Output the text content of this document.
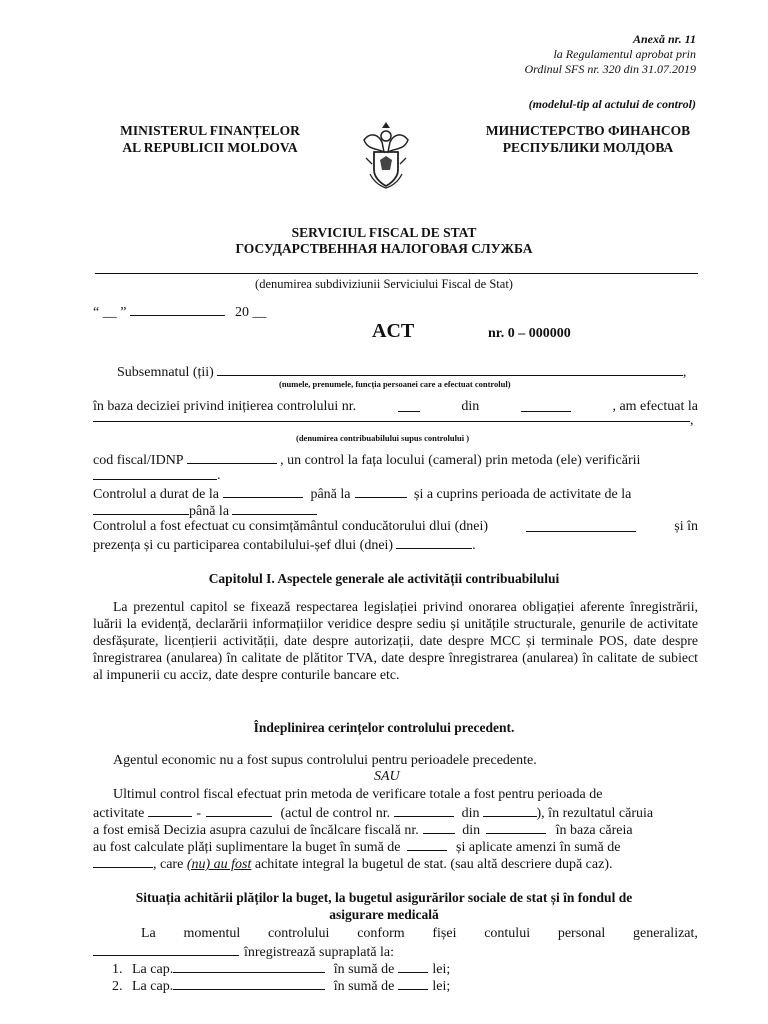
Anexă nr. 11
la Regulamentul aprobat prin
Ordinul SFS nr. 320 din 31.07.2019
(modelul-tip al actului de control)
MINISTERUL FINANȚELOR
AL REPUBLICII MOLDOVA
МИНИСТЕРСТВО ФИНАНСОВ
РЕСПУБЛИКИ МОЛДОВА
SERVICIUL FISCAL DE STAT
ГОСУДАРСТВЕННАЯ НАЛОГОВАЯ СЛУЖБА
(denumirea subdiviziunii Serviciului Fiscal de Stat)
“ __ ”	20 __
ACT	nr. 0 – 000000
Subsemnatul (ții)	,
(numele, prenumele, funcția persoanei care a efectuat controlul)
în baza deciziei privind inițierea controlului nr.	din	, am efectuat la
,
(denumirea contribuabilului supus controlului )
cod fiscal/IDNP	, un control la fața locului (cameral) prin metoda (ele) verificării
.
Controlul a durat de la	până la	și a cuprins perioada de activitate de la
până la
Controlul a fost efectuat cu consimțământul conducătorului dlui (dnei)	și în
prezența și cu participarea contabilului-șef dlui (dnei)	.
Capitolul I. Aspectele generale ale activității contribuabilului
La prezentul capitol se fixează respectarea legislației privind onorarea obligației aferente înregistrării, luării la evidență, declarării informațiilor veridice despre sediu și unitățile structurale, genurile de activitate desfășurate, licențierii activității, date despre autorizații, date despre MCC și terminale POS, date despre înregistrarea (anularea) în calitate de plătitor TVA, date despre înregistrarea (anularea) în calitate de subiect al impunerii cu acciz, date despre conturile bancare etc.
Îndeplinirea cerințelor controlului precedent.
Agentul economic nu a fost supus controlului pentru perioadele precedente.
SAU
Ultimul control fiscal efectuat prin metoda de verificare totale a fost pentru perioada de
activitate	-	(actul de control nr.	din	), în rezultatul căruia
a fost emisă Decizia asupra cazului de încălcare fiscală nr.	din	în baza căreia
au fost calculate plăți suplimentare la buget în sumă de	și aplicate amenzi în sumă de
, care (nu) au fost achitate integral la bugetul de stat. (sau altă descriere după caz).
Situația achitării plăților la buget, la bugetul asigurărilor sociale de stat și în fondul de
asigurare medicală
La momentul controlului conform fișei contului personal generalizat,
înregistrează supraplată la:
1. La cap.	în sumă de	lei;
2. La cap.	în sumă de	lei;
